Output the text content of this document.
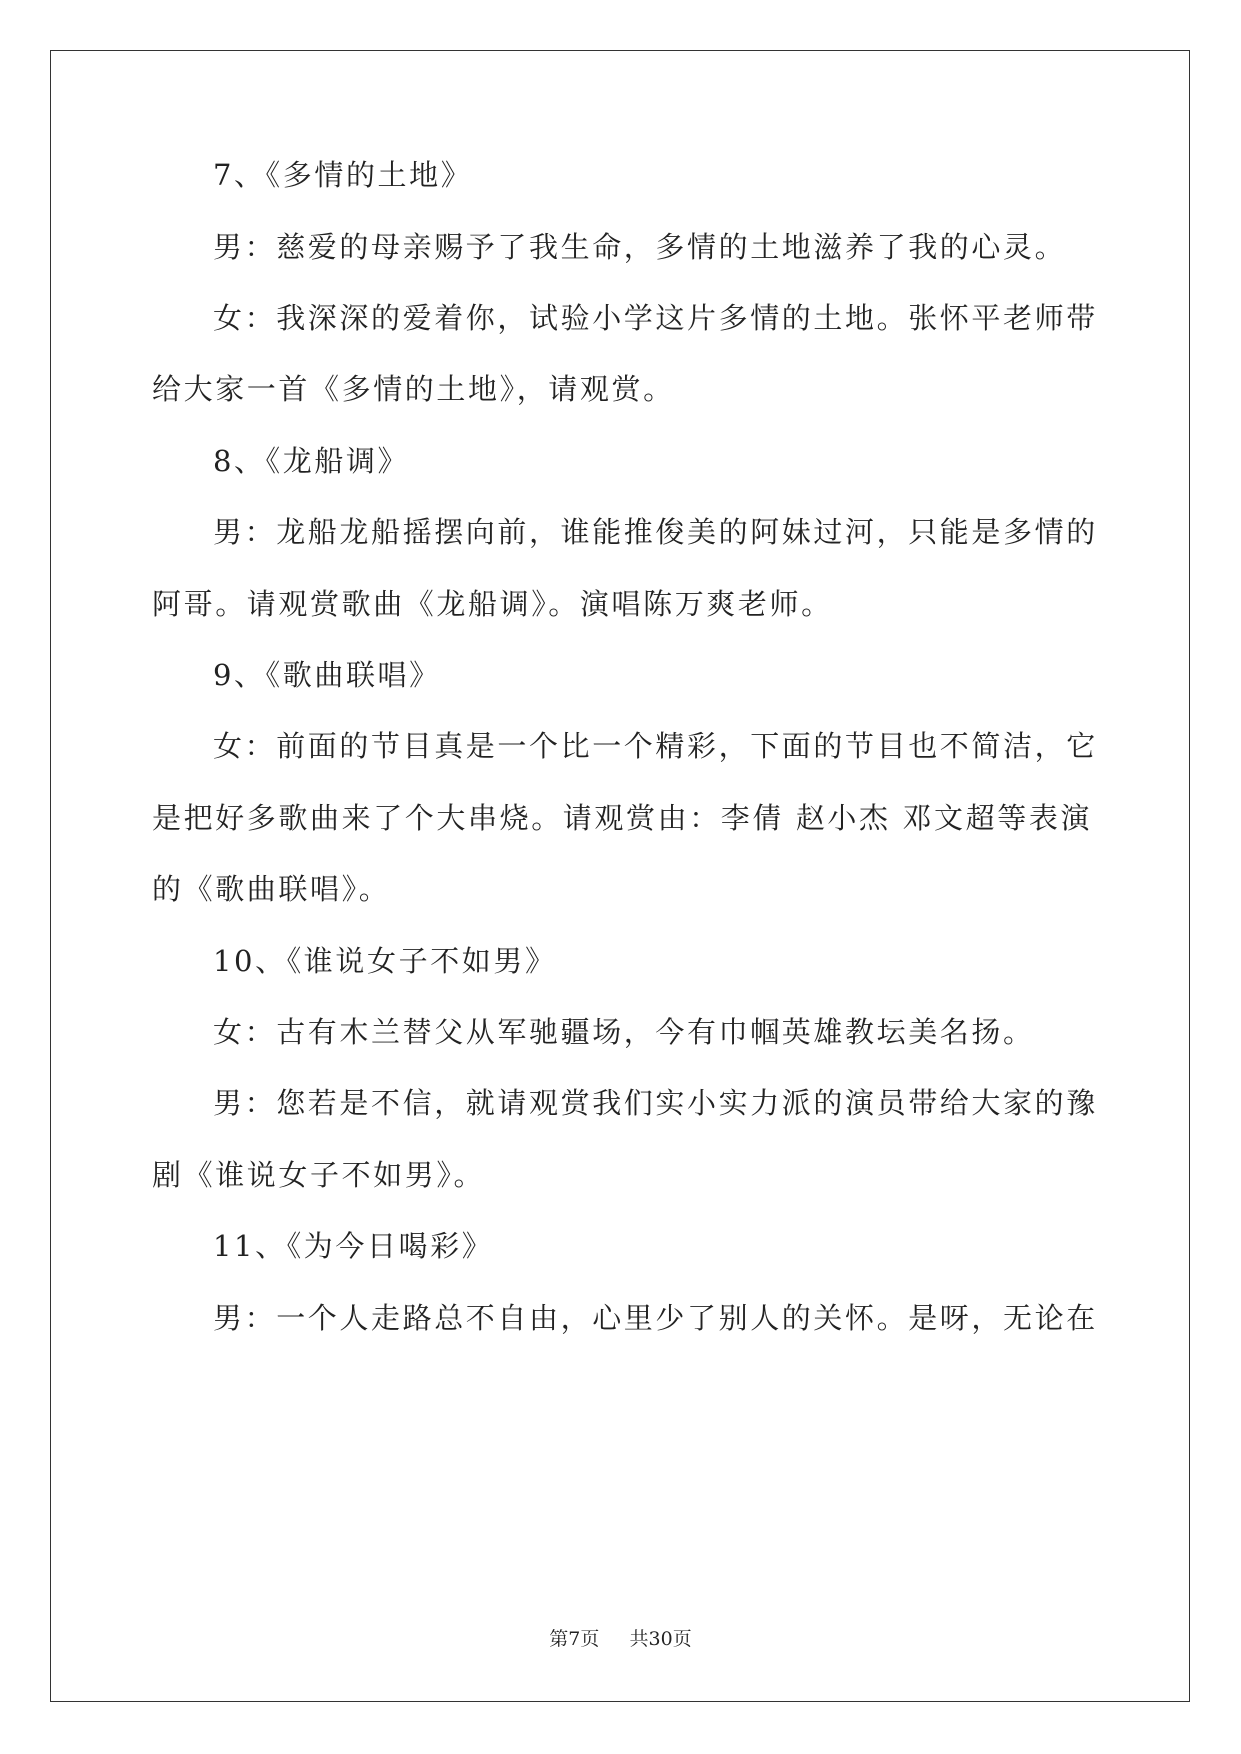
7、《多情的土地》
男：慈爱的母亲赐予了我生命，多情的土地滋养了我的心灵。
女：我深深的爱着你，试验小学这片多情的土地。张怀平老师带
给大家一首《多情的土地》，请观赏。
8、《龙船调》
男：龙船龙船摇摆向前，谁能推俊美的阿妹过河，只能是多情的
阿哥。请观赏歌曲《龙船调》。演唱陈万爽老师。
9、《歌曲联唱》
女：前面的节目真是一个比一个精彩，下面的节目也不简洁，它
是把好多歌曲来了个大串烧。请观赏由：李倩 赵小杰 邓文超等表演
的《歌曲联唱》。
10、《谁说女子不如男》
女：古有木兰替父从军驰疆场，今有巾帼英雄教坛美名扬。
男：您若是不信，就请观赏我们实小实力派的演员带给大家的豫
剧《谁说女子不如男》。
11、《为今日喝彩》
男：一个人走路总不自由，心里少了别人的关怀。是呀，无论在
第7页 共30页
